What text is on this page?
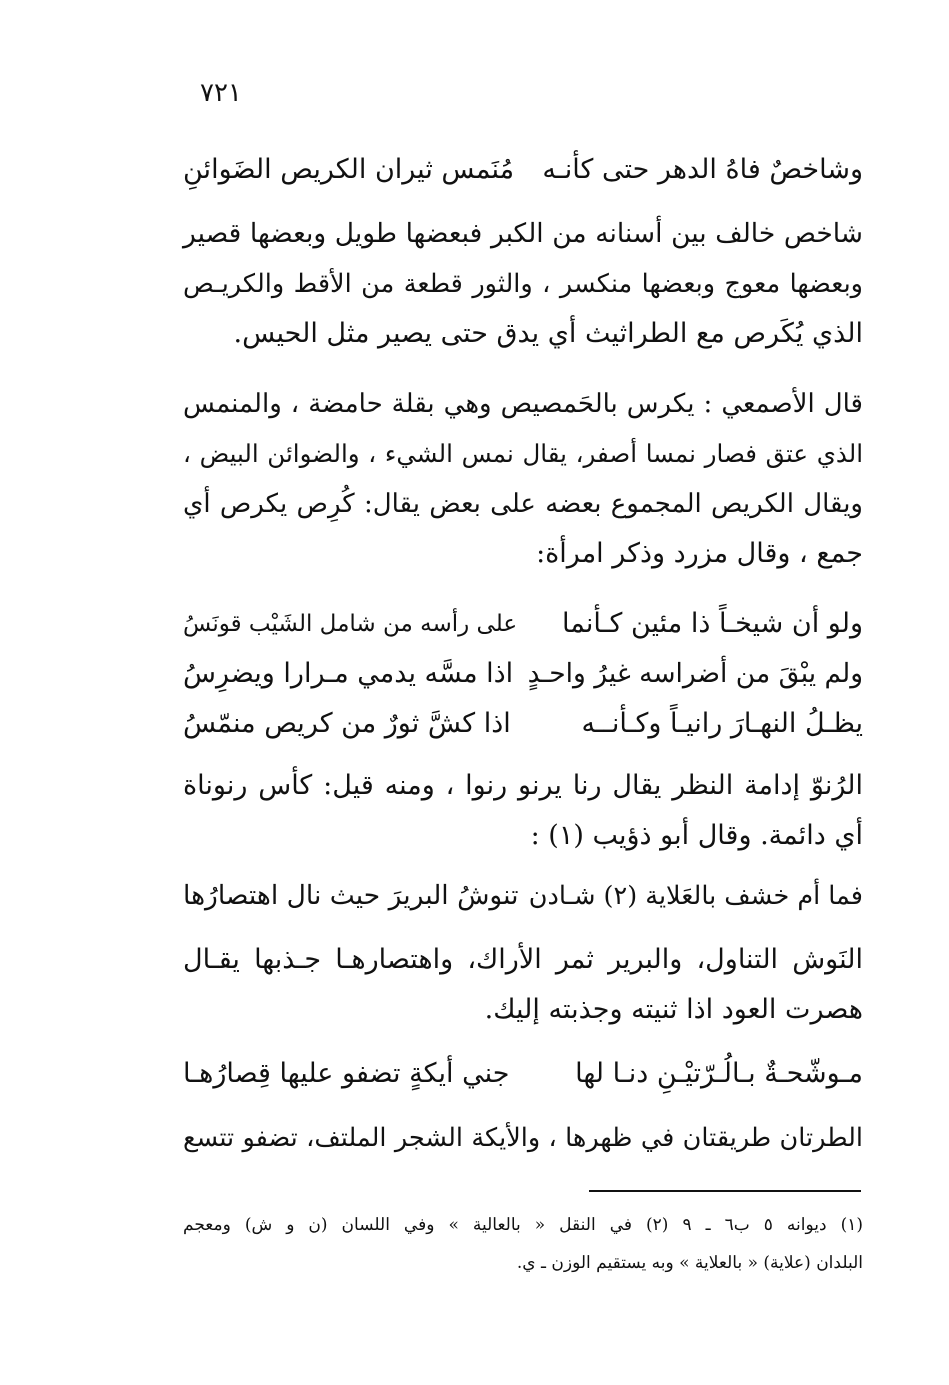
٧٢١
وشاخصٌ فاهُ الدهر حتى كأنـه
مُنَمس ثيران الكريص الضَوائنِ
شاخص خالف بين أسنانه من الكبر فبعضها طويل وبعضها قصير
وبعضها معوج وبعضها منكسر ، والثور قطعة من الأقط والكريـص
الذي يُكَرص مع الطراثيث أي يدق حتى يصير مثل الحيس.
قال الأصمعي : يكرس بالحَمصيص وهي بقلة حامضة ، والمنمس
الذي عتق فصار نمسا أصفر، يقال نمس الشيء ، والضوائن البيض ،
ويقال الكريص المجموع بعضه على بعض يقال: كُرِص يكرص أي
جمع ، وقال مزرد وذكر امرأة:
ولو أن شيخـاً ذا مئين كـأنما
على رأسه من شامل الشَيْب قونَسُ
ولم يبْقَ من أضراسه غيرُ واحـدٍ
اذا مسَّه يدمي مـرارا ويضرِسُ
يظـلُ النهـارَ رانيـاً وكـأنــه
اذا كشَّ ثورٌ من كريص منمّسُ
الرُنوّ إدامة النظر يقال رنا يرنو رنوا ، ومنه قيل: كأس رنوناة
أي دائمة. وقال أبو ذؤيب (١) :
فما أم خشف بالعَلاية (٢) شـادن
تنوشُ البريرَ حيث نال اهتصارُها
النَوش التناول، والبرير ثمر الأراك، واهتصارهـا جـذبها يقـال
هصرت العود اذا ثنيته وجذبته إليك.
مـوشّحـةٌ بـالُـرّتيْـنِ دنـا لها
جني أيكةٍ تضفو عليها قِصارُهـا
الطرتان طريقتان في ظهرها ، والأيكة الشجر الملتف، تضفو تتسع
(١) ديوانه ٥ ب٦ ـ ٩ (٢) في النقل « بالعالية » وفي اللسان (ن و ش) ومعجم
البلدان (علاية) « بالعلاية » وبه يستقيم الوزن ـ ي.
